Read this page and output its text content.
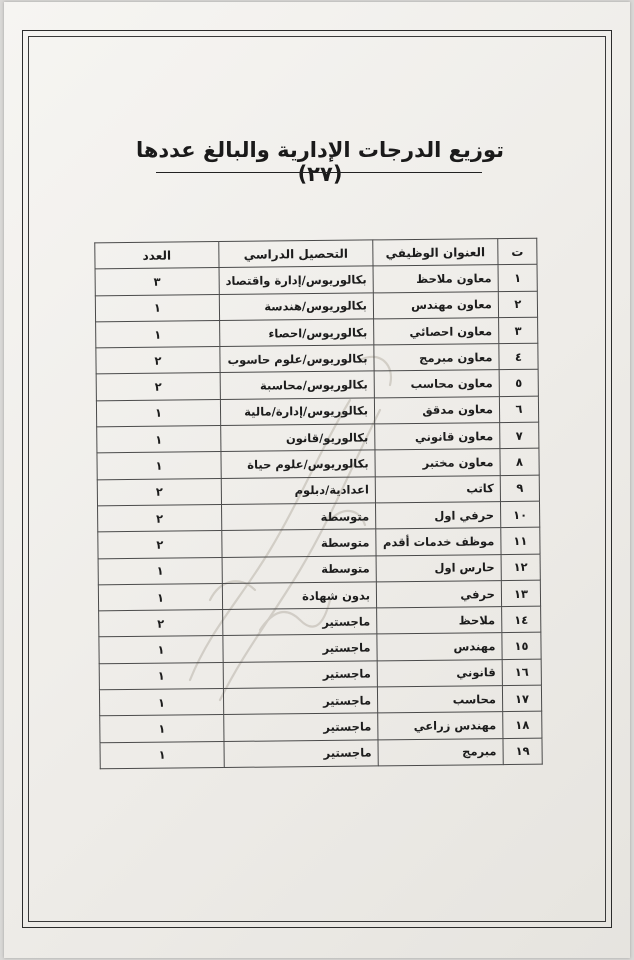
توزيع الدرجات الإدارية والبالغ عددها (٢٧)
ت	العنوان الوظيفي	التحصيل الدراسي	العدد
١	معاون ملاحظ	بكالوريوس/إدارة واقتصاد	٣
٢	معاون مهندس	بكالوريوس/هندسة	١
٣	معاون احصائي	بكالوريوس/احصاء	١
٤	معاون مبرمج	بكالوريوس/علوم حاسوب	٢
٥	معاون محاسب	بكالوريوس/محاسبة	٢
٦	معاون مدقق	بكالوريوس/إدارة/مالية	١
٧	معاون قانوني	بكالوريو/قانون	١
٨	معاون مختبر	بكالوريوس/علوم حياة	١
٩	كاتب	اعدادية/دبلوم	٢
١٠	حرفي اول	متوسطة	٢
١١	موظف خدمات أقدم	متوسطة	٢
١٢	حارس اول	متوسطة	١
١٣	حرفي	بدون شهادة	١
١٤	ملاحظ	ماجستير	٢
١٥	مهندس	ماجستير	١
١٦	قانوني	ماجستير	١
١٧	محاسب	ماجستير	١
١٨	مهندس زراعي	ماجستير	١
١٩	مبرمج	ماجستير	١
